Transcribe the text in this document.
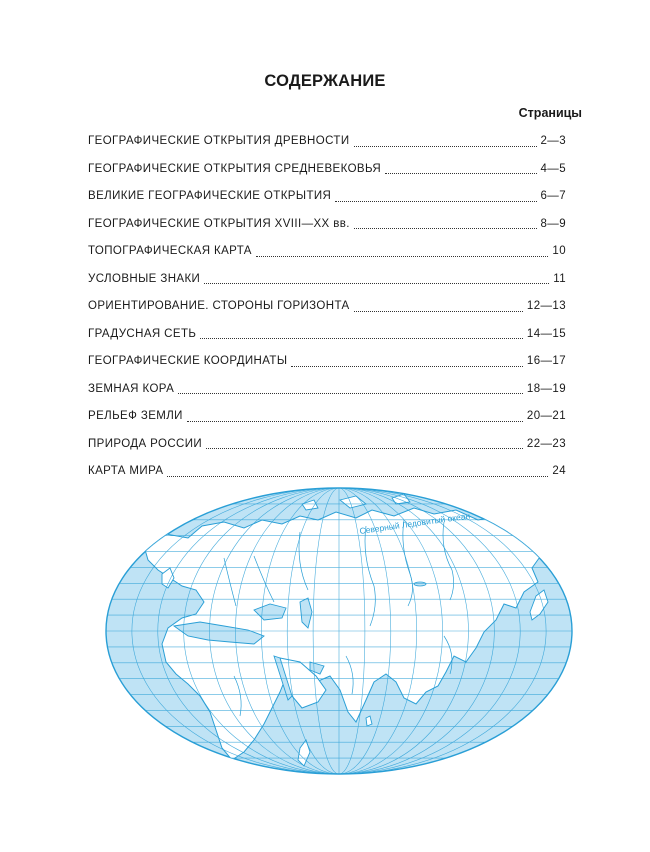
СОДЕРЖАНИЕ
Страницы
ГЕОГРАФИЧЕСКИЕ ОТКРЫТИЯ ДРЕВНОСТИ	2—3
ГЕОГРАФИЧЕСКИЕ ОТКРЫТИЯ СРЕДНЕВЕКОВЬЯ	4—5
ВЕЛИКИЕ ГЕОГРАФИЧЕСКИЕ ОТКРЫТИЯ	6—7
ГЕОГРАФИЧЕСКИЕ ОТКРЫТИЯ XVIII—XX вв.	8—9
ТОПОГРАФИЧЕСКАЯ КАРТА	10
УСЛОВНЫЕ ЗНАКИ	11
ОРИЕНТИРОВАНИЕ. СТОРОНЫ ГОРИЗОНТА	12—13
ГРАДУСНАЯ СЕТЬ	14—15
ГЕОГРАФИЧЕСКИЕ КООРДИНАТЫ	16—17
ЗЕМНАЯ КОРА	18—19
РЕЛЬЕФ ЗЕМЛИ	20—21
ПРИРОДА РОССИИ	22—23
КАРТА МИРА	24
Северный Ледовитый океан
